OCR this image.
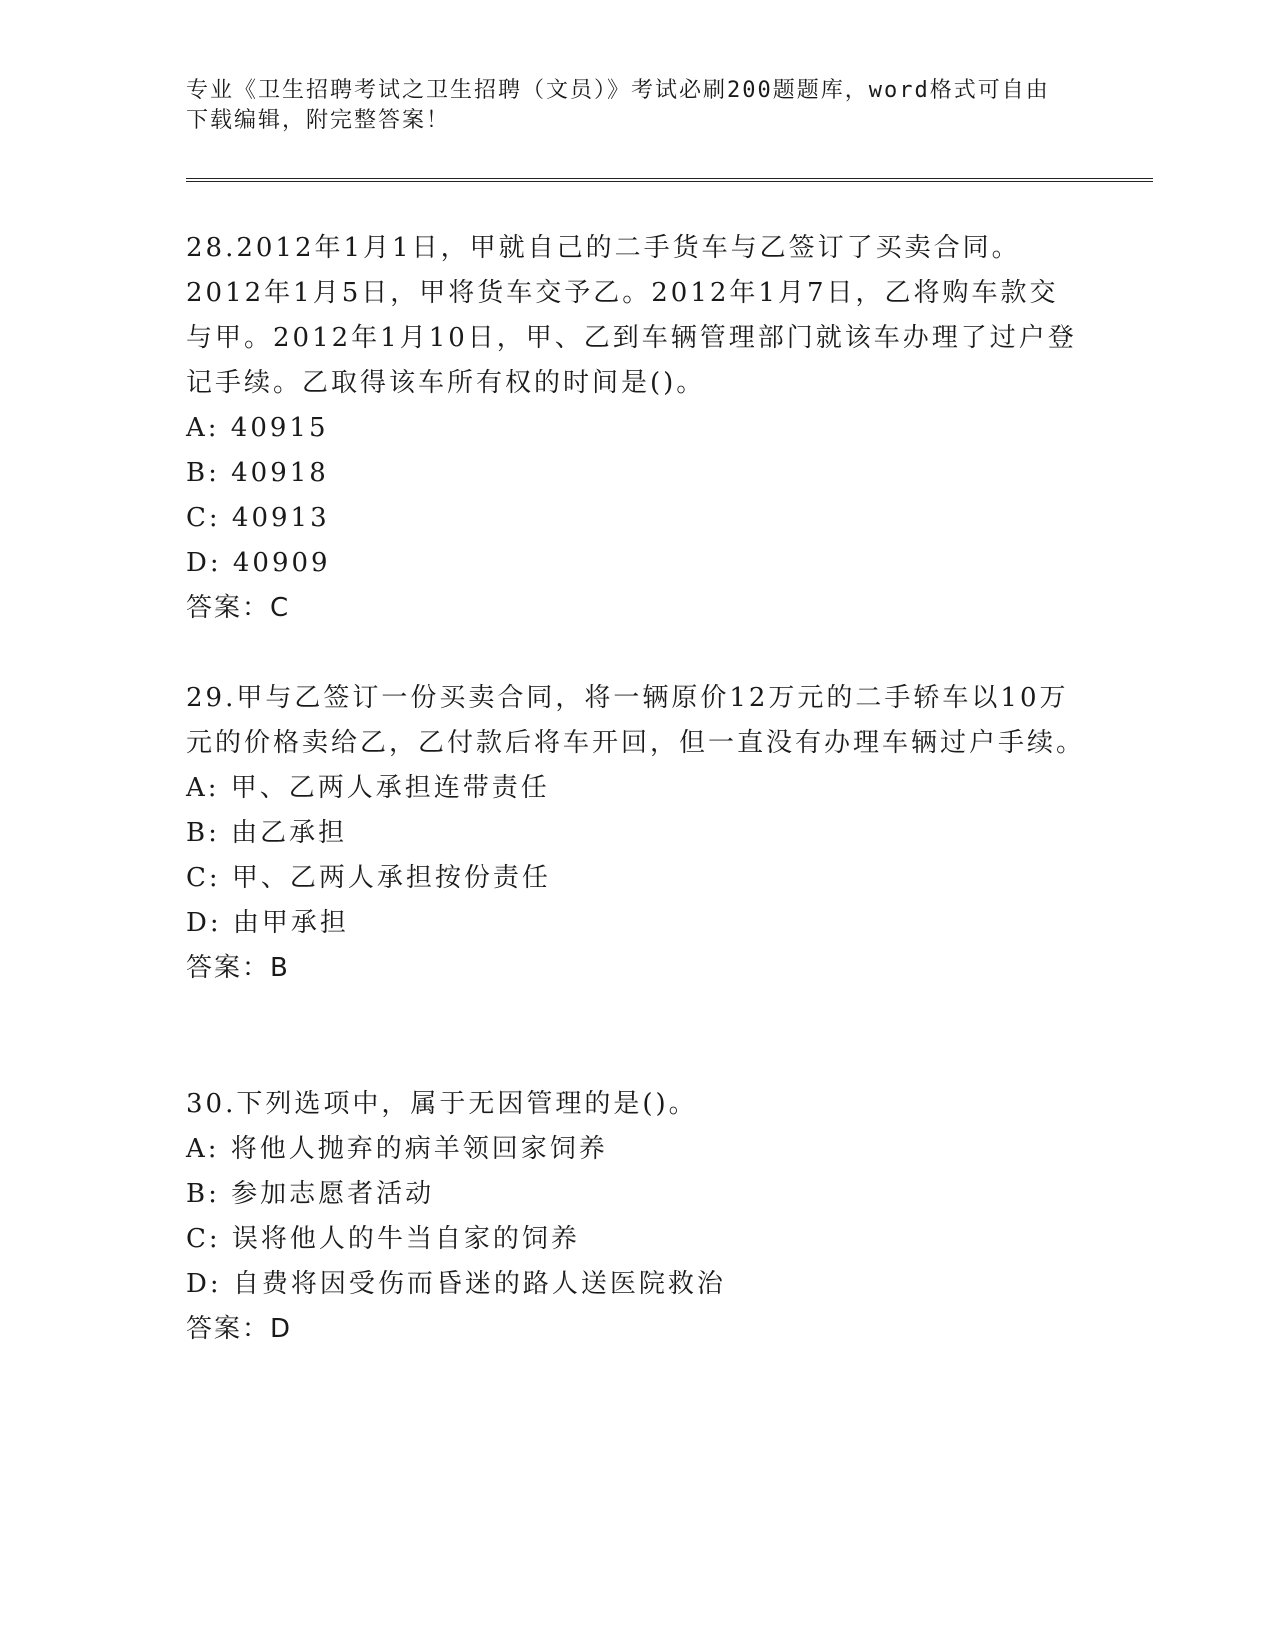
专业《卫生招聘考试之卫生招聘（文员）》考试必刷200题题库，word格式可自由下载编辑，附完整答案！

28.2012年1月1日，甲就自己的二手货车与乙签订了买卖合同。2012年1月5日，甲将货车交予乙。2012年1月7日，乙将购车款交与甲。2012年1月10日，甲、乙到车辆管理部门就该车办理了过户登记手续。乙取得该车所有权的时间是()。

A: 40915

B: 40918

C: 40913

D: 40909

答案：C

29.甲与乙签订一份买卖合同，将一辆原价12万元的二手轿车以10万元的价格卖给乙，乙付款后将车开回，但一直没有办理车辆过户手续。

A: 甲、乙两人承担连带责任

B: 由乙承担

C: 甲、乙两人承担按份责任

D: 由甲承担

答案：B

30.下列选项中，属于无因管理的是()。

A: 将他人抛弃的病羊领回家饲养

B: 参加志愿者活动

C: 误将他人的牛当自家的饲养

D: 自费将因受伤而昏迷的路人送医院救治

答案：D
